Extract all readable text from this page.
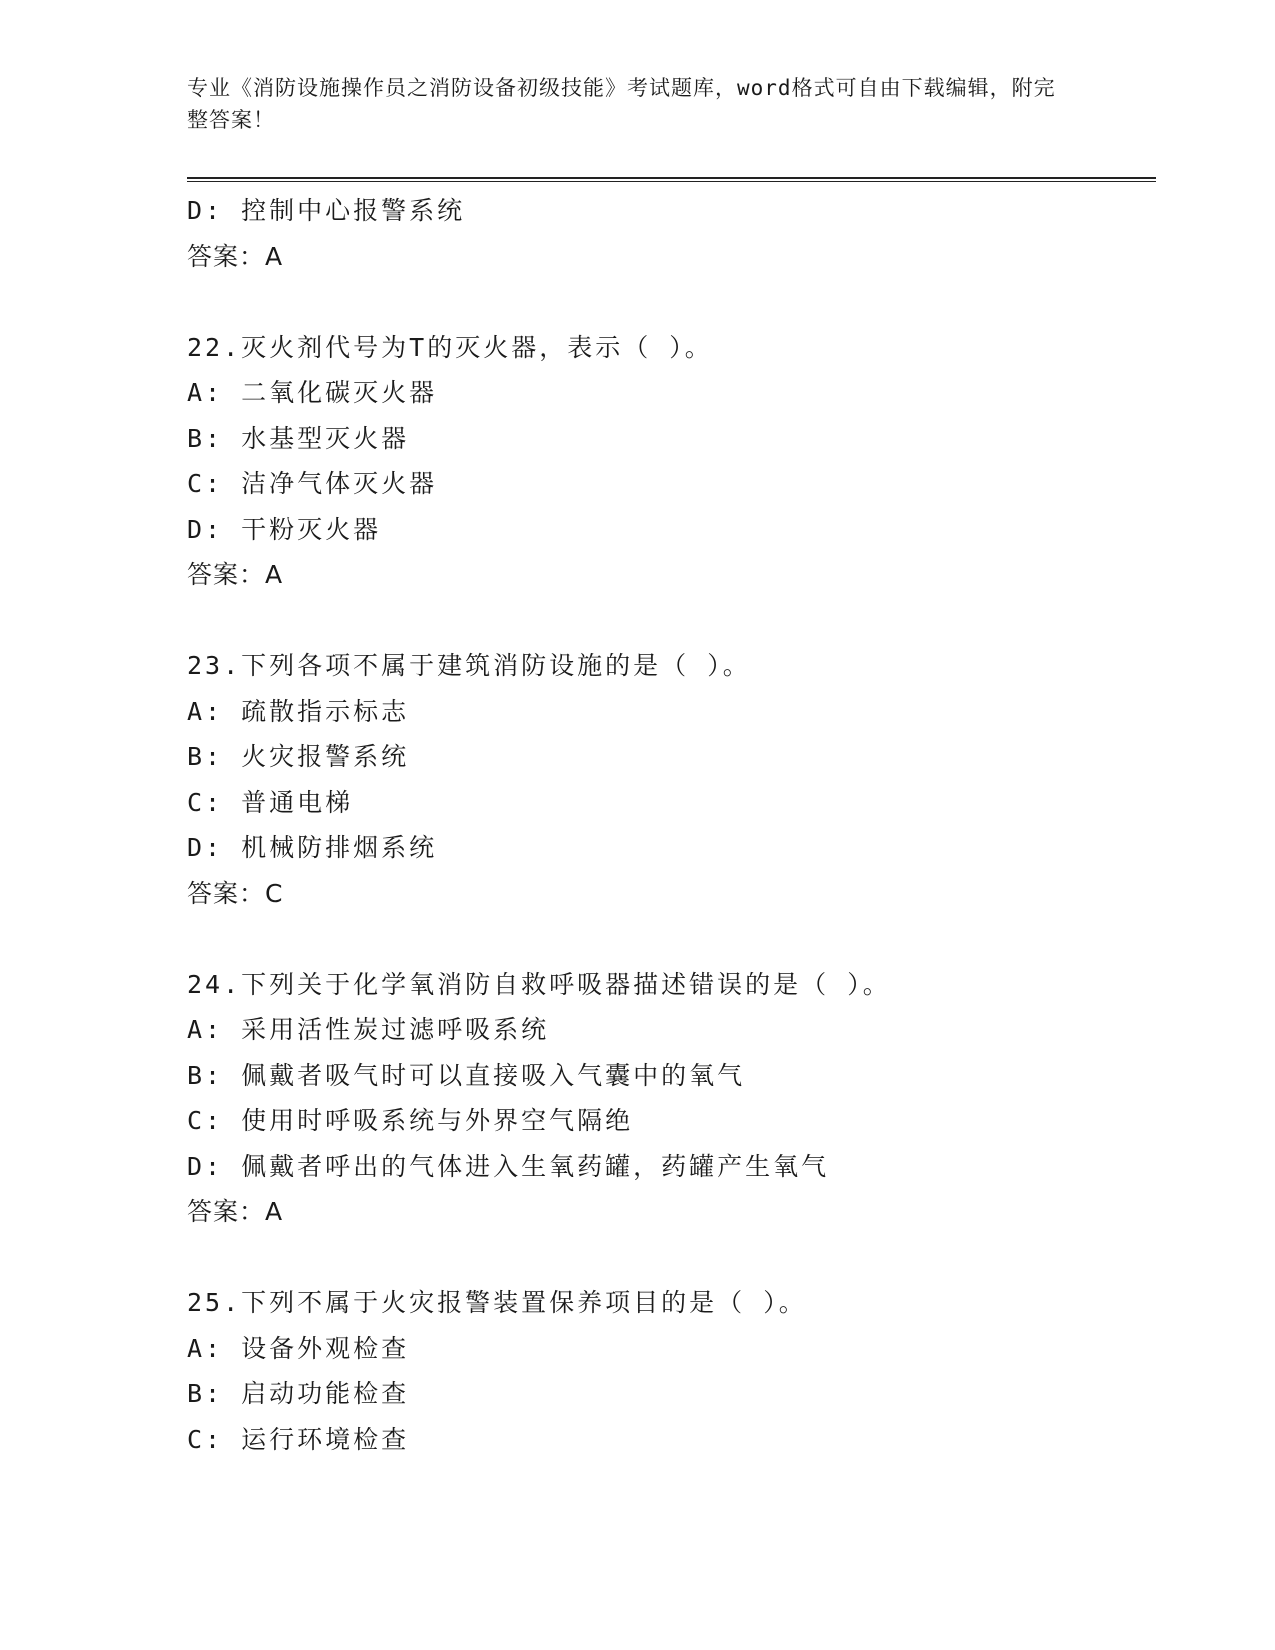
专业《消防设施操作员之消防设备初级技能》考试题库，word格式可自由下载编辑，附完整答案！
D: 控制中心报警系统
答案：A
22.灭火剂代号为T的灭火器，表示（ ）。
A: 二氧化碳灭火器
B: 水基型灭火器
C: 洁净气体灭火器
D: 干粉灭火器
答案：A
23.下列各项不属于建筑消防设施的是（ ）。
A: 疏散指示标志
B: 火灾报警系统
C: 普通电梯
D: 机械防排烟系统
答案：C
24.下列关于化学氧消防自救呼吸器描述错误的是（ ）。
A: 采用活性炭过滤呼吸系统
B: 佩戴者吸气时可以直接吸入气囊中的氧气
C: 使用时呼吸系统与外界空气隔绝
D: 佩戴者呼出的气体进入生氧药罐，药罐产生氧气
答案：A
25.下列不属于火灾报警装置保养项目的是（ ）。
A: 设备外观检查
B: 启动功能检查
C: 运行环境检查
